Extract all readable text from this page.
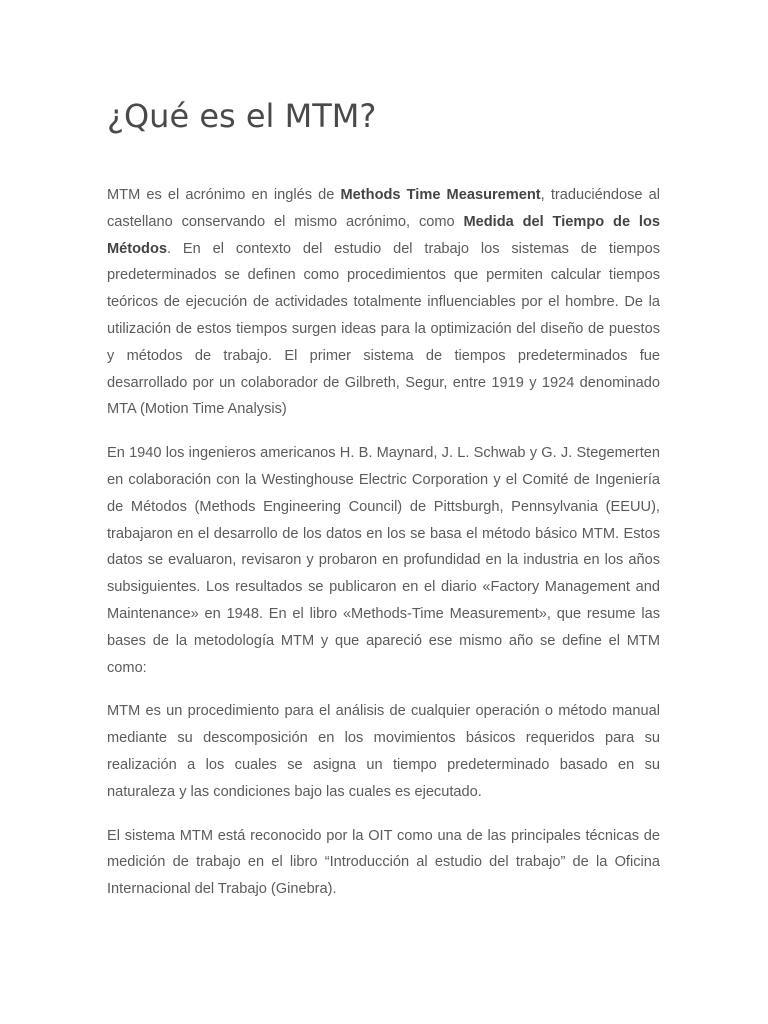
¿Qué es el MTM?

MTM es el acrónimo en inglés de Methods Time Measurement, traduciéndose al castellano conservando el mismo acrónimo, como Medida del Tiempo de los Métodos. En el contexto del estudio del trabajo los sistemas de tiempos predeterminados se definen como procedimientos que permiten calcular tiempos teóricos de ejecución de actividades totalmente influenciables por el hombre. De la utilización de estos tiempos surgen ideas para la optimización del diseño de puestos y métodos de trabajo. El primer sistema de tiempos predeterminados fue desarrollado por un colaborador de Gilbreth, Segur, entre 1919 y 1924 denominado MTA (Motion Time Analysis)

En 1940 los ingenieros americanos H. B. Maynard, J. L. Schwab y G. J. Stegemerten en colaboración con la Westinghouse Electric Corporation y el Comité de Ingeniería de Métodos (Methods Engineering Council) de Pittsburgh, Pennsylvania (EEUU), trabajaron en el desarrollo de los datos en los se basa el método básico MTM. Estos datos se evaluaron, revisaron y probaron en profundidad en la industria en los años subsiguientes. Los resultados se publicaron en el diario «Factory Management and Maintenance» en 1948. En el libro «Methods-Time Measurement», que resume las bases de la metodología MTM y que apareció ese mismo año se define el MTM como:

MTM es un procedimiento para el análisis de cualquier operación o método manual mediante su descomposición en los movimientos básicos requeridos para su realización a los cuales se asigna un tiempo predeterminado basado en su naturaleza y las condiciones bajo las cuales es ejecutado.

El sistema MTM está reconocido por la OIT como una de las principales técnicas de medición de trabajo en el libro “Introducción al estudio del trabajo” de la Oficina Internacional del Trabajo (Ginebra).
